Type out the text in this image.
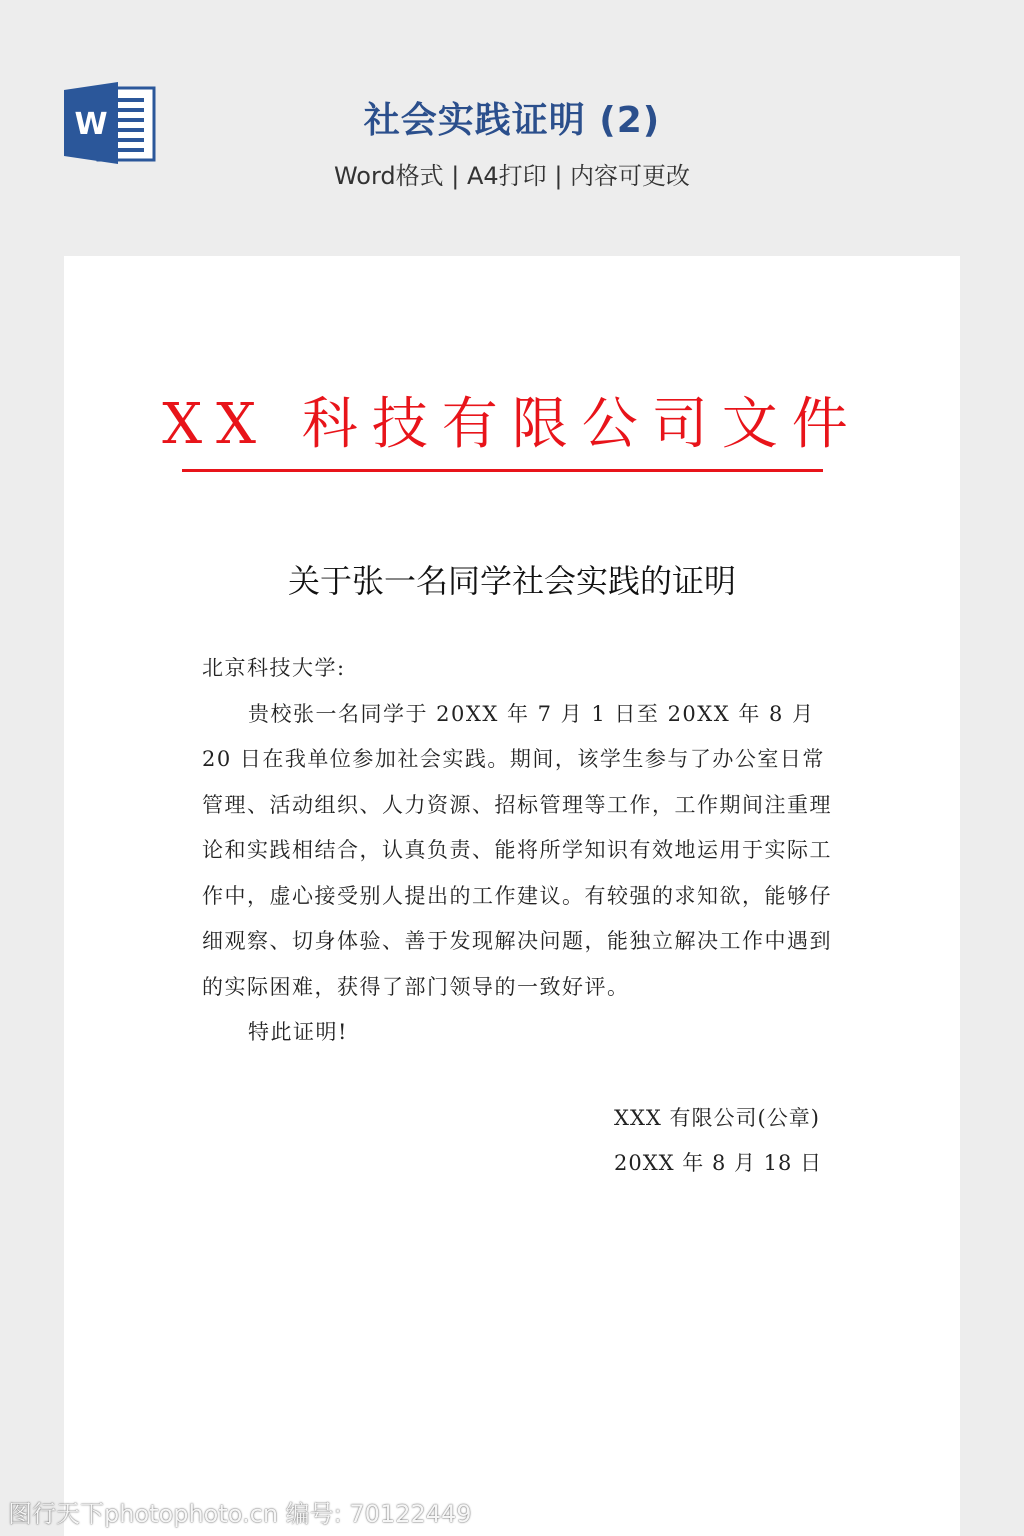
W	社会实践证明 (2)
Word格式 | A4打印 | 内容可更改
XX 科技有限公司文件
关于张一名同学社会实践的证明

北京科技大学:

贵校张一名同学于 20XX 年 7 月 1 日至 20XX 年 8 月 20 日在我单位参加社会实践。期间，该学生参与了办公室日常管理、活动组织、人力资源、招标管理等工作，工作期间注重理论和实践相结合，认真负责、能将所学知识有效地运用于实际工作中，虚心接受别人提出的工作建议。有较强的求知欲，能够仔细观察、切身体验、善于发现解决问题，能独立解决工作中遇到的实际困难，获得了部门领导的一致好评。

特此证明!

XXX 有限公司(公章)
20XX 年 8 月 18 日
图行天下photophoto.cn 编号: 70122449
